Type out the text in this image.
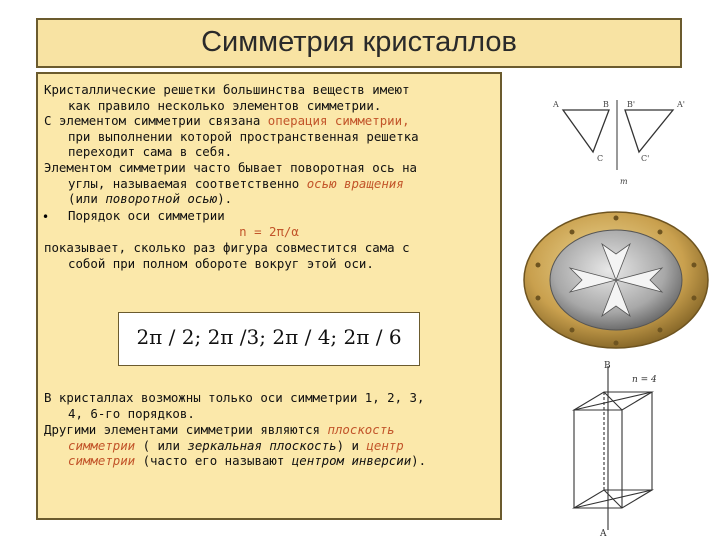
Симметрия кристаллов
Кристаллические решетки большинства веществ имеют
как правило несколько элементов симметрии.
С элементом симметрии связана операция симметрии,
при выполнении которой пространственная решетка
переходит сама в себя.
Элементом симметрии часто бывает поворотная ось на
углы, называемая соответственно осью вращения
(или поворотной осью).
• Порядок оси симметрии
n = 2π/α
показывает, сколько раз фигура совместится сама с
собой при полном обороте вокруг этой оси.
2π / 2; 2π /3; 2π / 4; 2π / 6
В кристаллах возможны только оси симметрии 1, 2, 3,
4, 6-го порядков.
Другими элементами симметрии являются плоскость
симметрии ( или зеркальная плоскость) и центр
симметрии (часто его называют центром инверсии).
A	B B'	A'
C	C'
m
B
A
n = 4
